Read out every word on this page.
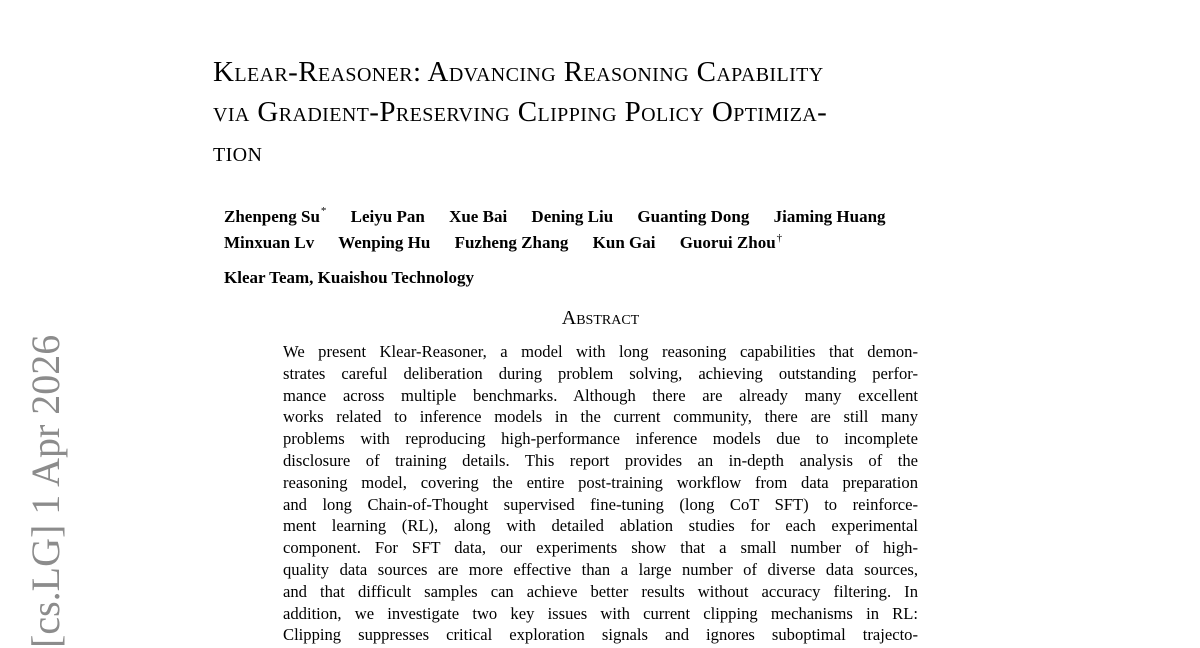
Klear-Reasoner: Advancing Reasoning Capability
via Gradient-Preserving Clipping Policy Optimiza-
tion
Zhenpeng Su* Leiyu Pan Xue Bai Dening Liu Guanting Dong Jiaming Huang
Minxuan Lv Wenping Hu Fuzheng Zhang Kun Gai Guorui Zhou†
Klear Team, Kuaishou Technology
Abstract
We present Klear-Reasoner, a model with long reasoning capabilities that demon-
strates careful deliberation during problem solving, achieving outstanding perfor-
mance across multiple benchmarks. Although there are already many excellent
works related to inference models in the current community, there are still many
problems with reproducing high-performance inference models due to incomplete
disclosure of training details. This report provides an in-depth analysis of the
reasoning model, covering the entire post-training workflow from data preparation
and long Chain-of-Thought supervised fine-tuning (long CoT SFT) to reinforce-
ment learning (RL), along with detailed ablation studies for each experimental
component. For SFT data, our experiments show that a small number of high-
quality data sources are more effective than a large number of diverse data sources,
and that difficult samples can achieve better results without accuracy filtering. In
addition, we investigate two key issues with current clipping mechanisms in RL:
Clipping suppresses critical exploration signals and ignores suboptimal trajecto-
[cs.LG] 1 Apr 2026
